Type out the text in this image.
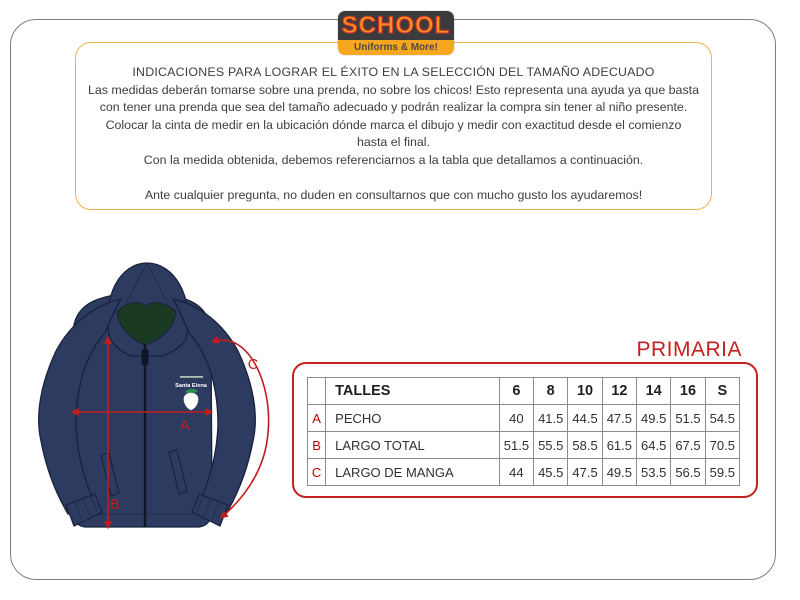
INDICACIONES PARA LOGRAR EL ÉXITO EN LA SELECCIÓN DEL TAMAÑO ADECUADO
Las medidas deberán tomarse sobre una prenda, no sobre los chicos! Esto representa una ayuda ya que basta
con tener una prenda que sea del tamaño adecuado y podrán realizar la compra sin tener al niño presente.
Colocar la cinta de medir en la ubicación dónde marca el dibujo y medir con exactitud desde el comienzo
hasta el final.
Con la medida obtenida, debemos referenciarnos a la tabla que detallamos a continuación.
Ante cualquier pregunta, no duden en consultarnos que con mucho gusto los ayudaremos!
SCHOOL
Uniforms & More!
Santa Elena
A
B
C
PRIMARIA
	TALLES	6	8	10	12	14	16	S
A	PECHO	40	41.5	44.5	47.5	49.5	51.5	54.5
B	LARGO TOTAL	51.5	55.5	58.5	61.5	64.5	67.5	70.5
C	LARGO DE MANGA	44	45.5	47.5	49.5	53.5	56.5	59.5
